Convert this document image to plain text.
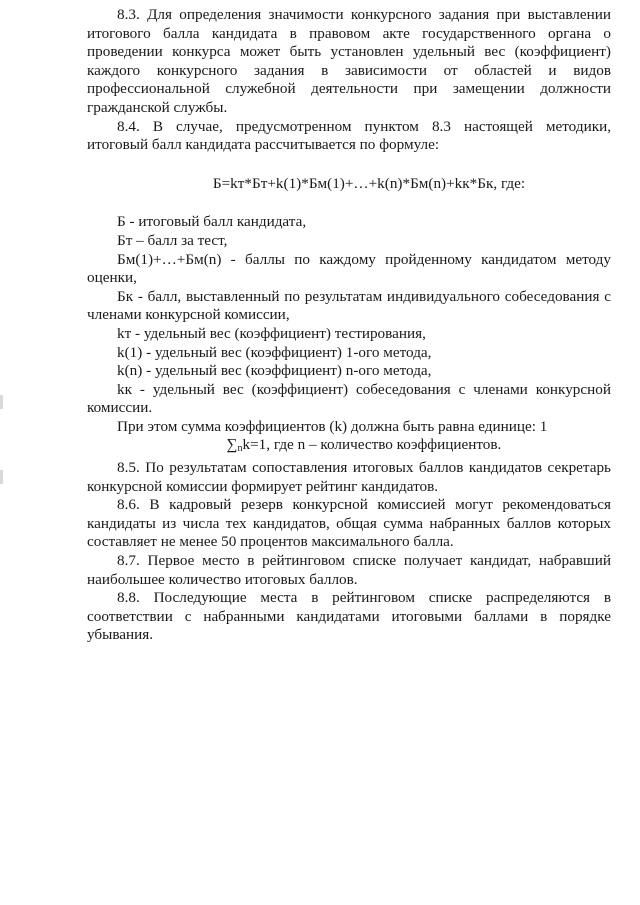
8.3. Для определения значимости конкурсного задания при выставлении итогового балла кандидата в правовом акте государственного органа о проведении конкурса может быть установлен удельный вес (коэффициент) каждого конкурсного задания в зависимости от областей и видов профессиональной служебной деятельности при замещении должности гражданской службы.

8.4. В случае, предусмотренном пунктом 8.3 настоящей методики, итоговый балл кандидата рассчитывается по формуле:

Б=kт*Бт+k(1)*Бм(1)+…+k(n)*Бм(n)+kк*Бк, где:

Б - итоговый балл кандидата,

Бт – балл за тест,

Бм(1)+…+Бм(n) - баллы по каждому пройденному кандидатом методу оценки,

Бк - балл, выставленный по результатам индивидуального собеседования с членами конкурсной комиссии,

kт - удельный вес (коэффициент) тестирования,

k(1) - удельный вес (коэффициент) 1-ого метода,

k(n) - удельный вес (коэффициент) n-ого метода,

kк - удельный вес (коэффициент) собеседования с членами конкурсной комиссии.

При этом сумма коэффициентов (k) должна быть равна единице: 1

$\sum_nk=1$, где n – количество коэффициентов.

8.5. По результатам сопоставления итоговых баллов кандидатов секретарь конкурсной комиссии формирует рейтинг кандидатов.

8.6. В кадровый резерв конкурсной комиссией могут рекомендоваться кандидаты из числа тех кандидатов, общая сумма набранных баллов которых составляет не менее 50 процентов максимального балла.

8.7. Первое место в рейтинговом списке получает кандидат, набравший наибольшее количество итоговых баллов.

8.8. Последующие места в рейтинговом списке распределяются в соответствии с набранными кандидатами итоговыми баллами в порядке убывания.
